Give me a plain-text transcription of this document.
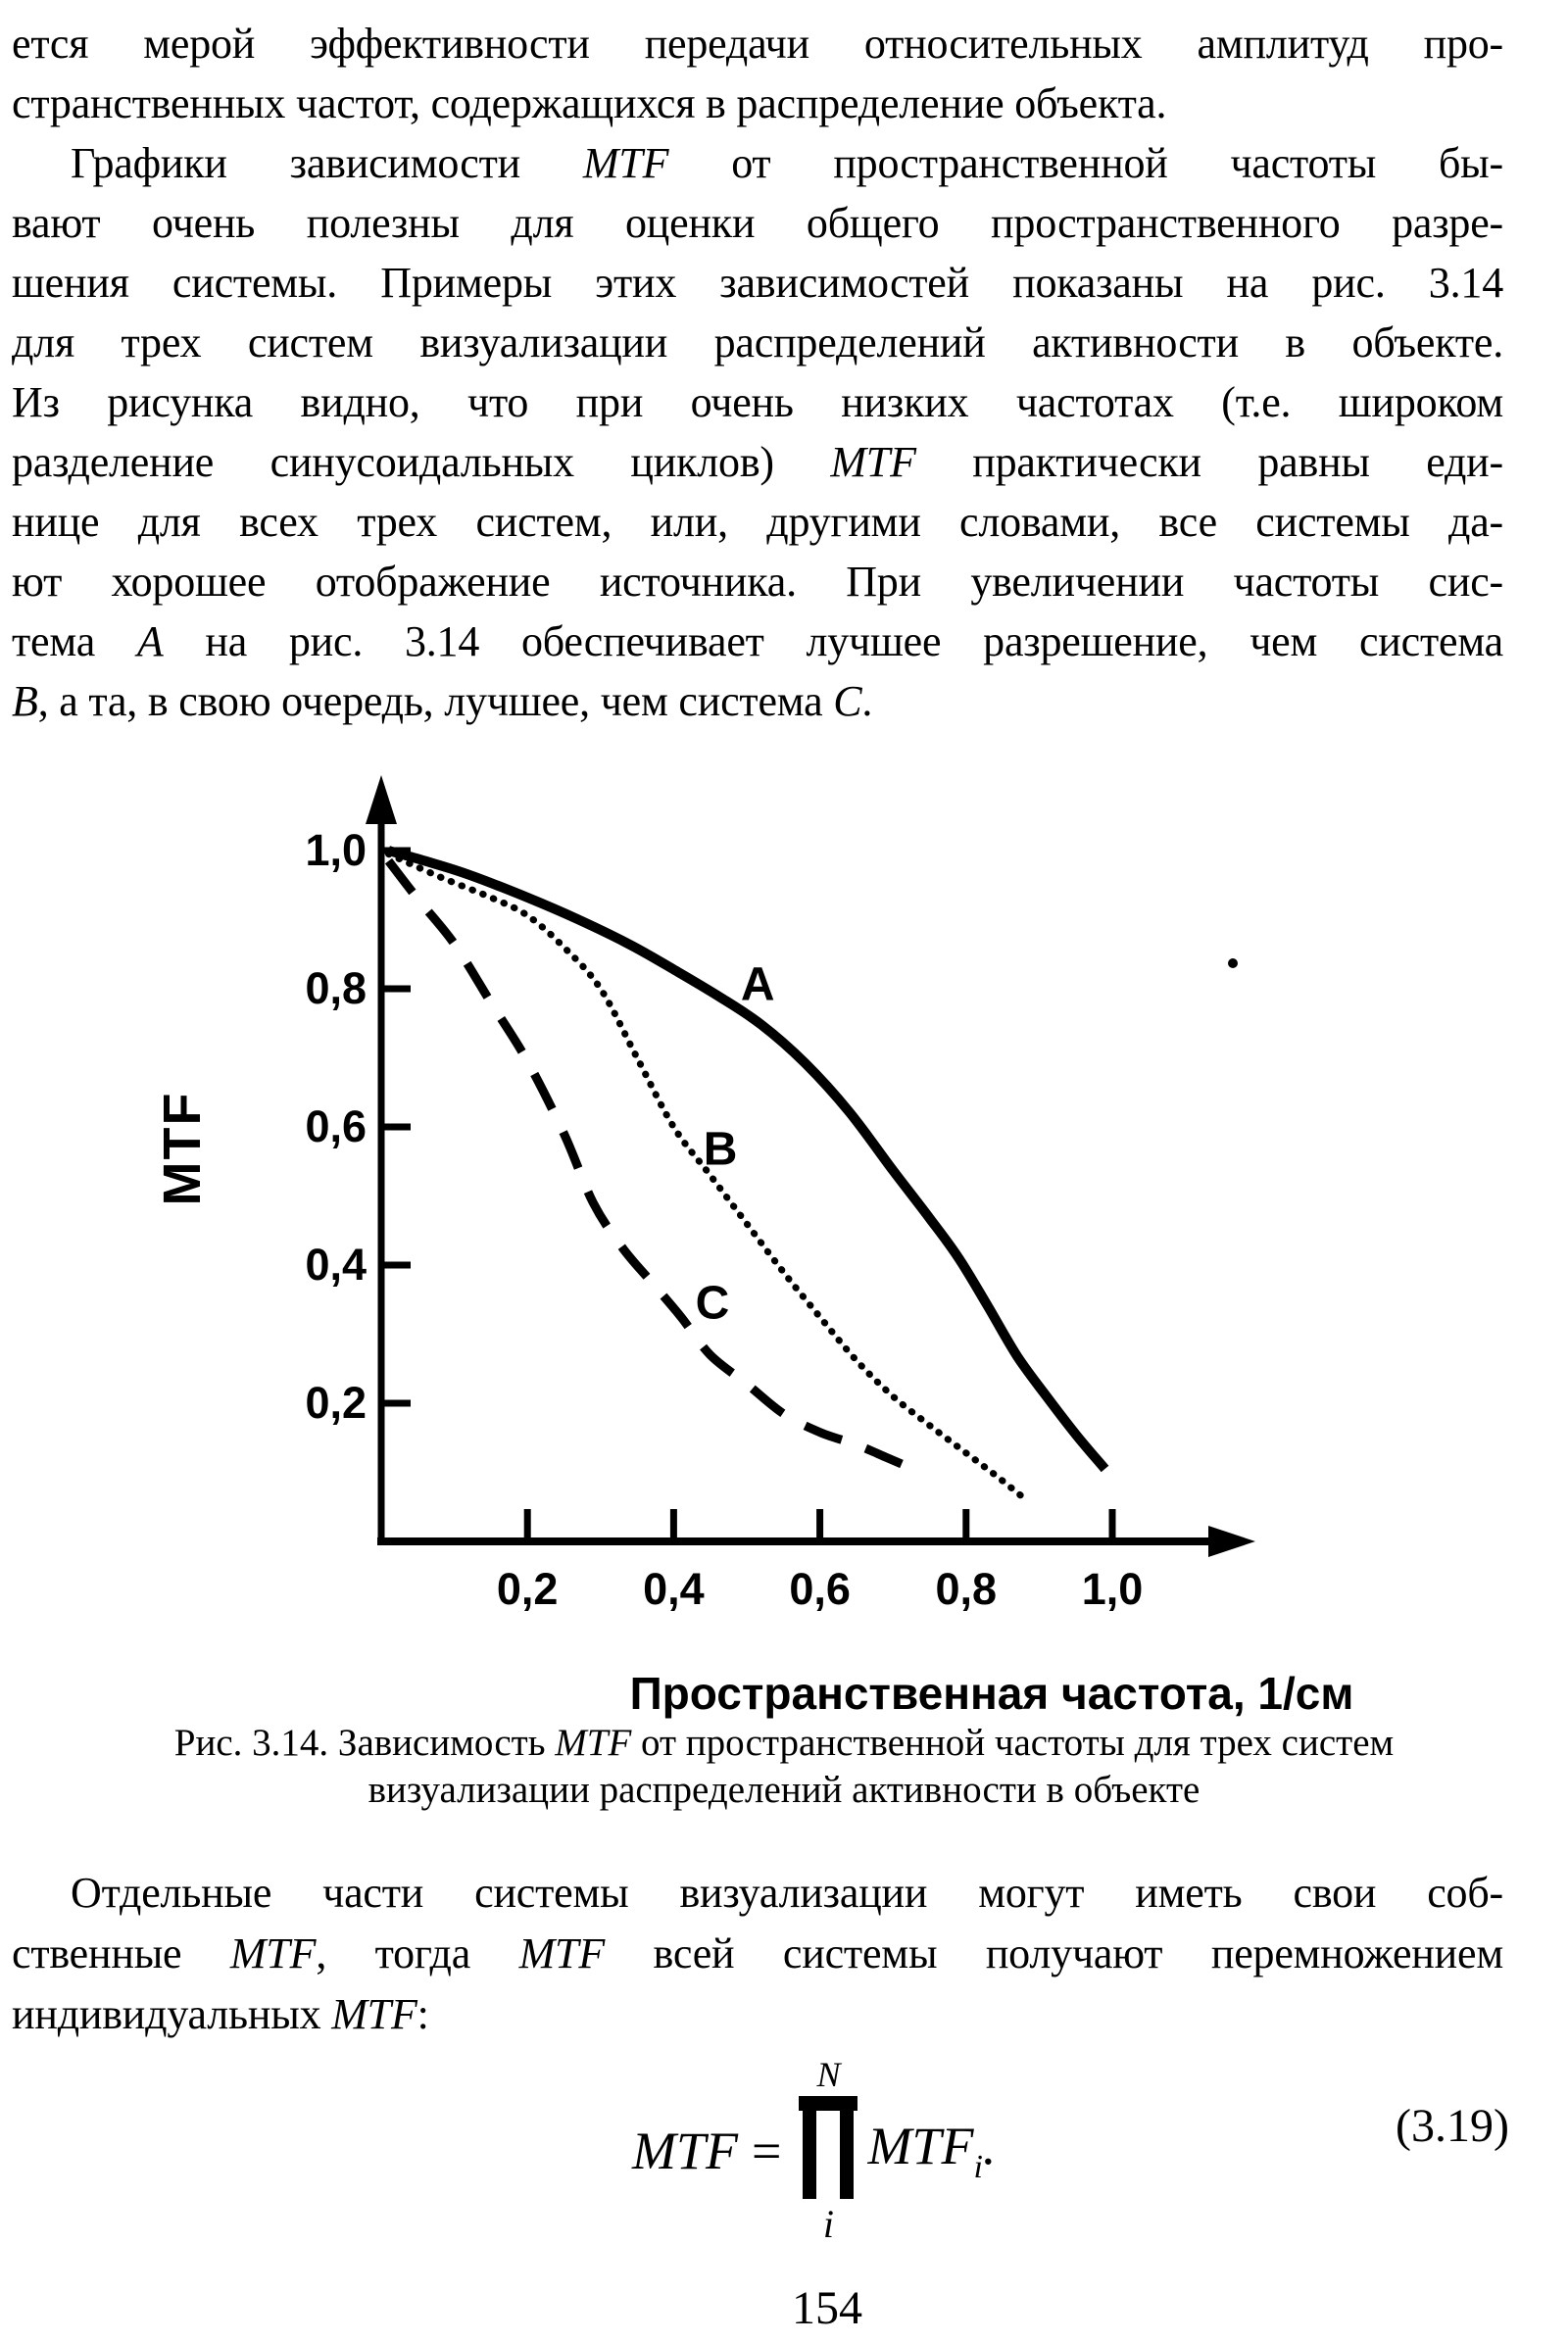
ется мерой эффективности передачи относительных амплитуд про-
странственных частот, содержащихся в распределение объекта.
Графики зависимости MTF от пространственной частоты бы-
вают очень полезны для оценки общего пространственного разре-
шения системы. Примеры этих зависимостей показаны на рис. 3.14
для трех систем визуализации распределений активности в объекте.
Из рисунка видно, что при очень низких частотах (т.е. широком
разделение синусоидальных циклов) MTF практически равны еди-
нице для всех трех систем, или, другими словами, все системы да-
ют хорошее отображение источника. При увеличении частоты сис-
тема А на рис. 3.14 обеспечивает лучшее разрешение, чем система
В, а та, в свою очередь, лучшее, чем система С.
MTF
Пространственная частота, 1/см
A
B
C
0,2	0,4	0,6	0,8	1,0
1,0
0,8
0,6
0,4
0,2
Рис. 3.14. Зависимость MTF от пространственной частоты для трех систем
визуализации распределений активности в объекте
Отдельные части системы визуализации могут иметь свои соб-
ственные MTF, тогда MTF всей системы получают перемножением
индивидуальных MTF:
MTF =
N
i
$MTF_i$.	(3.19)
154
